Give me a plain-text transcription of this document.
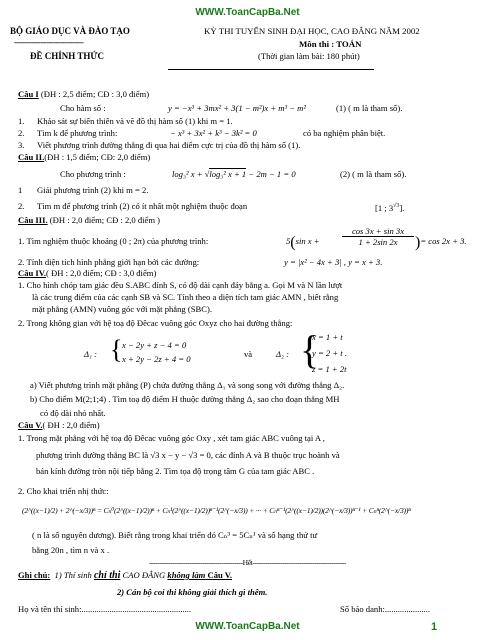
WWW.ToanCapBa.Net
BỘ GIÁO DỤC VÀ ĐÀO TẠO
--------------------------------
ĐỀ CHÍNH THỨC
KỲ THI TUYỂN SINH ĐẠI HỌC, CAO ĐẲNG NĂM 2002
Môn thi : TOÁN
(Thời gian làm bài: 180 phút)
Câu I (ĐH : 2,5 điểm; CĐ : 3,0 điểm)
Cho hàm số :	y = −x³ + 3mx² + 3(1 − m²)x + m³ − m²	(1) ( m là tham số).
1. Khảo sát sự biến thiên và vẽ đồ thị hàm số (1) khi m = 1.
2. Tìm k để phương trình:	− x³ + 3x² + k³ − 3k² = 0	có ba nghiệm phân biệt.
3. Viết phương trình đường thẳng đi qua hai điểm cực trị của đồ thị hàm số (1).
Câu II.(ĐH : 1,5 điểm; CĐ: 2,0 điểm)
Cho phương trình :	log₃² x + √log₃² x + 1 − 2m − 1 = 0	(2) ( m là tham số).
1 Giải phương trình (2) khi m = 2.
2. Tìm m để phương trình (2) có ít nhất một nghiệm thuộc đoạn	[1 ; $3^{√3}$].
Câu III. (ĐH : 2,0 điểm; CĐ : 2,0 điểm )
1. Tìm nghiệm thuộc khoảng (0 ; 2π) của phương trình:	5(sin x +
cos 3x + sin 3x
1 + 2sin 2x	)= cos 2x + 3.
2. Tính diện tích hình phẳng giới hạn bởi các đường:	y = |x² − 4x + 3| , y = x + 3.
Câu IV.( ĐH : 2,0 điểm; CĐ : 3,0 điểm)
1. Cho hình chóp tam giác đều S.ABC đỉnh S, có độ dài cạnh đáy bằng a. Gọi M và N lần lượt
là các trung điểm của các cạnh SB và SC. Tính theo a diện tích tam giác AMN , biết rằng
mặt phẳng (AMN) vuông góc với mặt phẳng (SBC).
2. Trong không gian với hệ toạ độ Đêcac vuông góc Oxyz cho hai đường thẳng:
Δ₁ : { x − 2y + z − 4 = 0
x + 2y − 2z + 4 = 0	và	Δ₂ : {
x = 1 + t
y = 2 + t .
z = 1 + 2t
a) Viết phương trình mặt phẳng (P) chứa đường thẳng Δ₁ và song song với đường thẳng Δ₂.
b) Cho điểm M(2;1;4) . Tìm toạ độ điểm H thuộc đường thẳng Δ₂ sao cho đoạn thẳng MH
có độ dài nhỏ nhất.
Câu V.( ĐH : 2,0 điểm)
1. Trong mặt phẳng với hệ toạ độ Đêcac vuông góc Oxy , xét tam giác ABC vuông tại A ,
phương trình đường thẳng BC là √3 x − y − √3 = 0, các đỉnh A và B thuộc trục hoành và
bán kính đường tròn nội tiếp bằng 2. Tìm tọa độ trọng tâm G của tam giác ABC .
2. Cho khai triển nhị thức:
(2^((x−1)/2) + 2^(−x/3))ⁿ = Cₙ⁰(2^((x−1)/2))ⁿ + Cₙ¹(2^((x−1)/2))ⁿ⁻¹(2^(−x/3)) + ··· + Cₙⁿ⁻¹(2^((x−1)/2))(2^(−x/3))ⁿ⁻¹ + Cₙⁿ(2^(−x/3))ⁿ
( n là số nguyên dương). Biết rằng trong khai triển đó Cₙ³ = 5Cₙ¹ và số hạng thứ tư
bằng 20n , tìm n và x .
--------------------------------------------Hết--------------------------------------------
Ghi chú: 1) Thí sinh chỉ thi CAO ĐẲNG không làm Câu V.
2) Cán bộ coi thi không giải thích gì thêm.
Họ và tên thí sinh:...................................................	Số báo danh:.....................
WWW.ToanCapBa.Net	1
